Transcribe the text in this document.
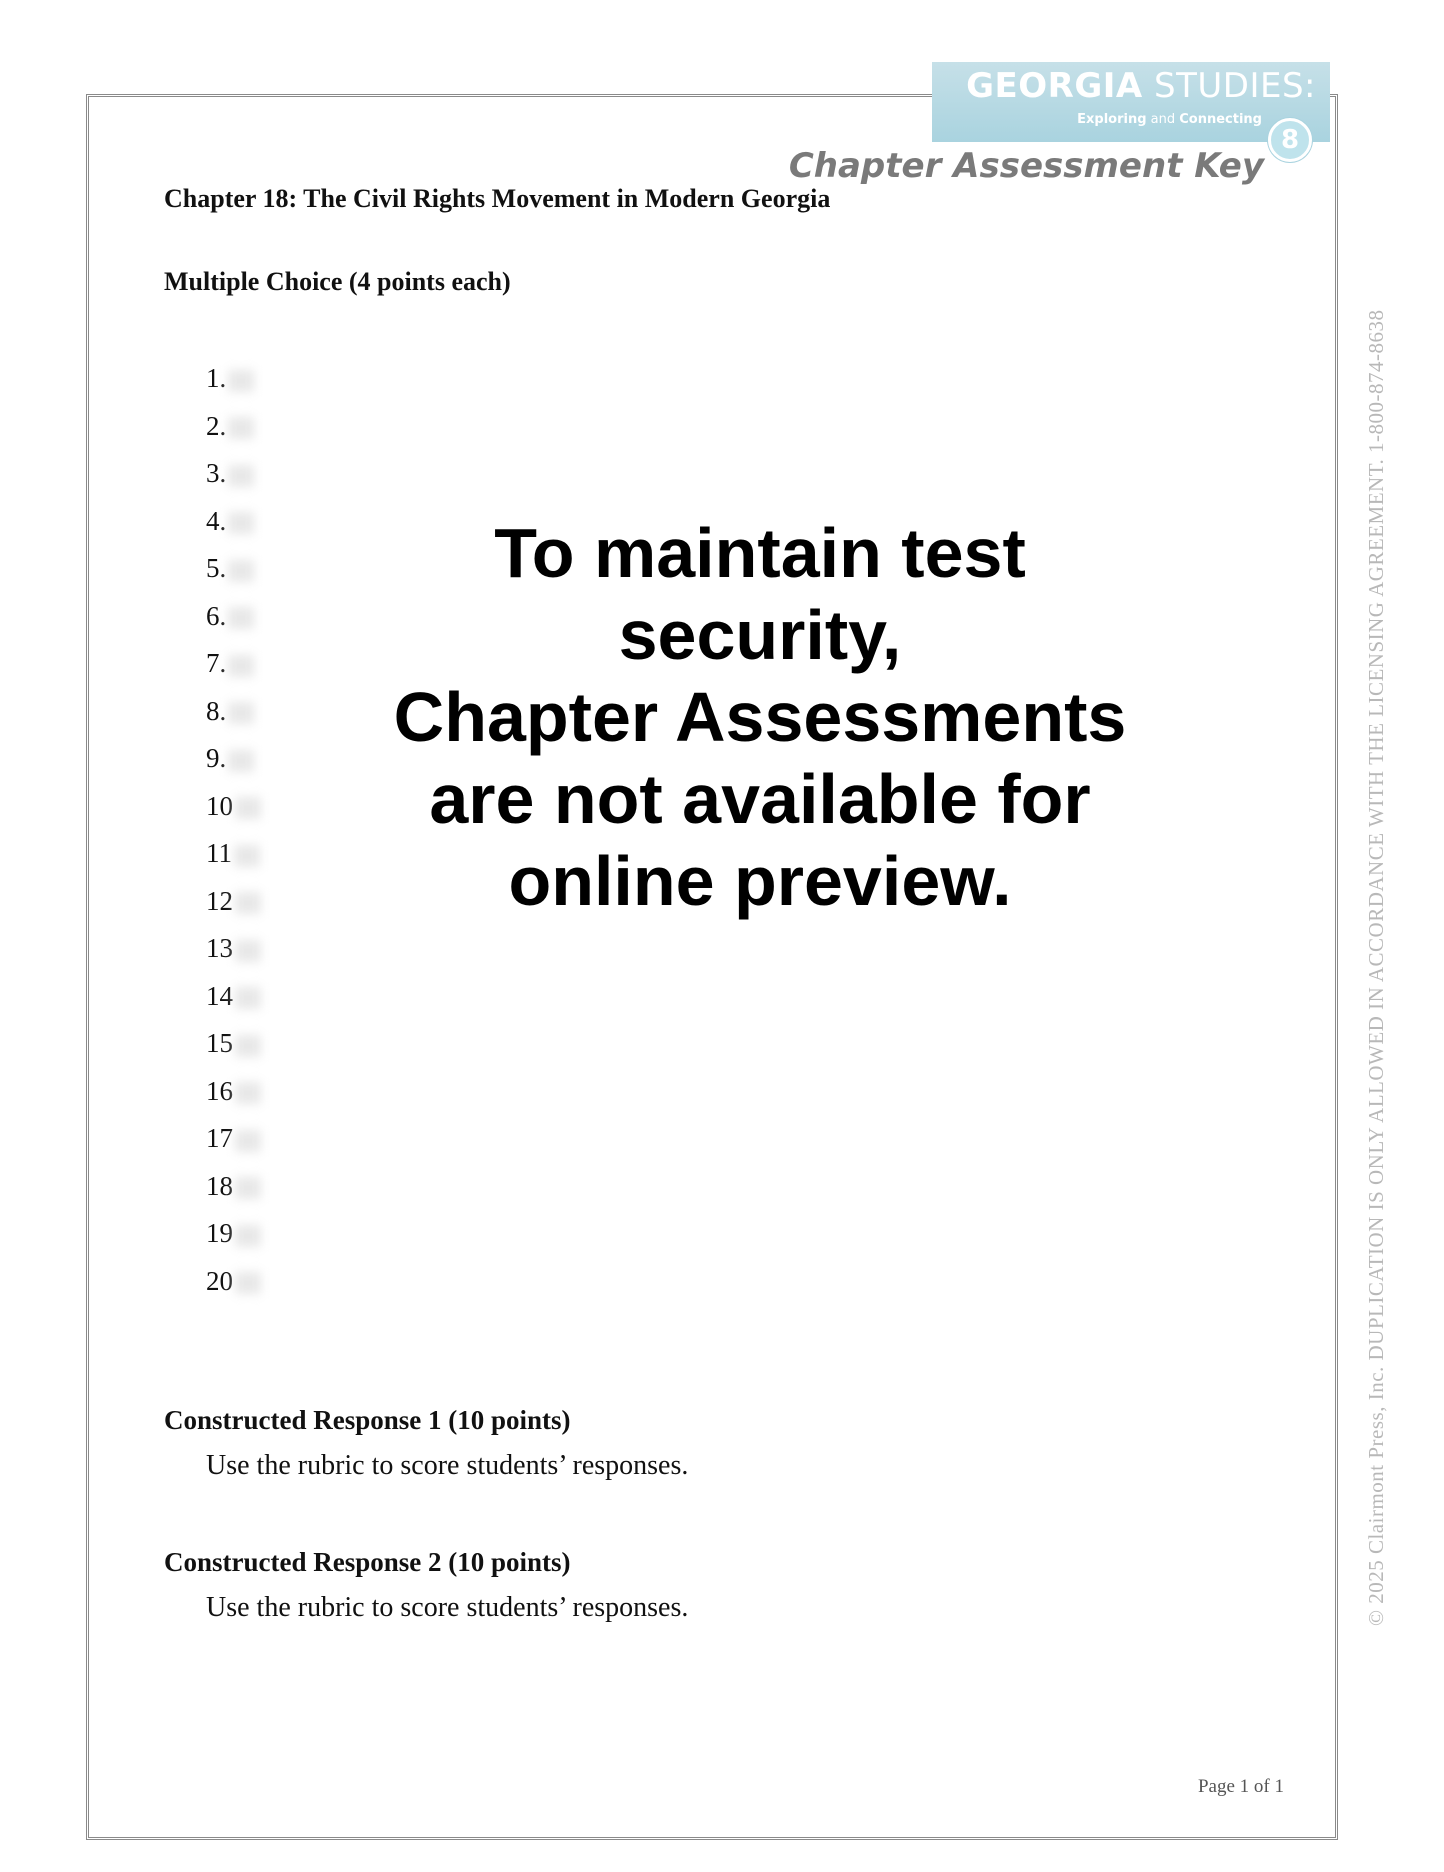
GEORGIA STUDIES:
Exploring and Connecting
8
Chapter Assessment Key
Chapter 18: The Civil Rights Movement in Modern Georgia
Multiple Choice (4 points each)
1.
2.
3.
4.
5.
6.
7.
8.
9.
10
11
12
13
14
15
16
17
18
19
20
To maintain test
security,
Chapter Assessments
are not available for
online preview.
Constructed Response 1 (10 points)
Use the rubric to score students’ responses.
Constructed Response 2 (10 points)
Use the rubric to score students’ responses.	© 2025 Clairmont Press, Inc. DUPLICATION IS ONLY ALLOWED IN ACCORDANCE WITH THE LICENSING AGREEMENT. 1-800-874-8638
Page 1 of 1
